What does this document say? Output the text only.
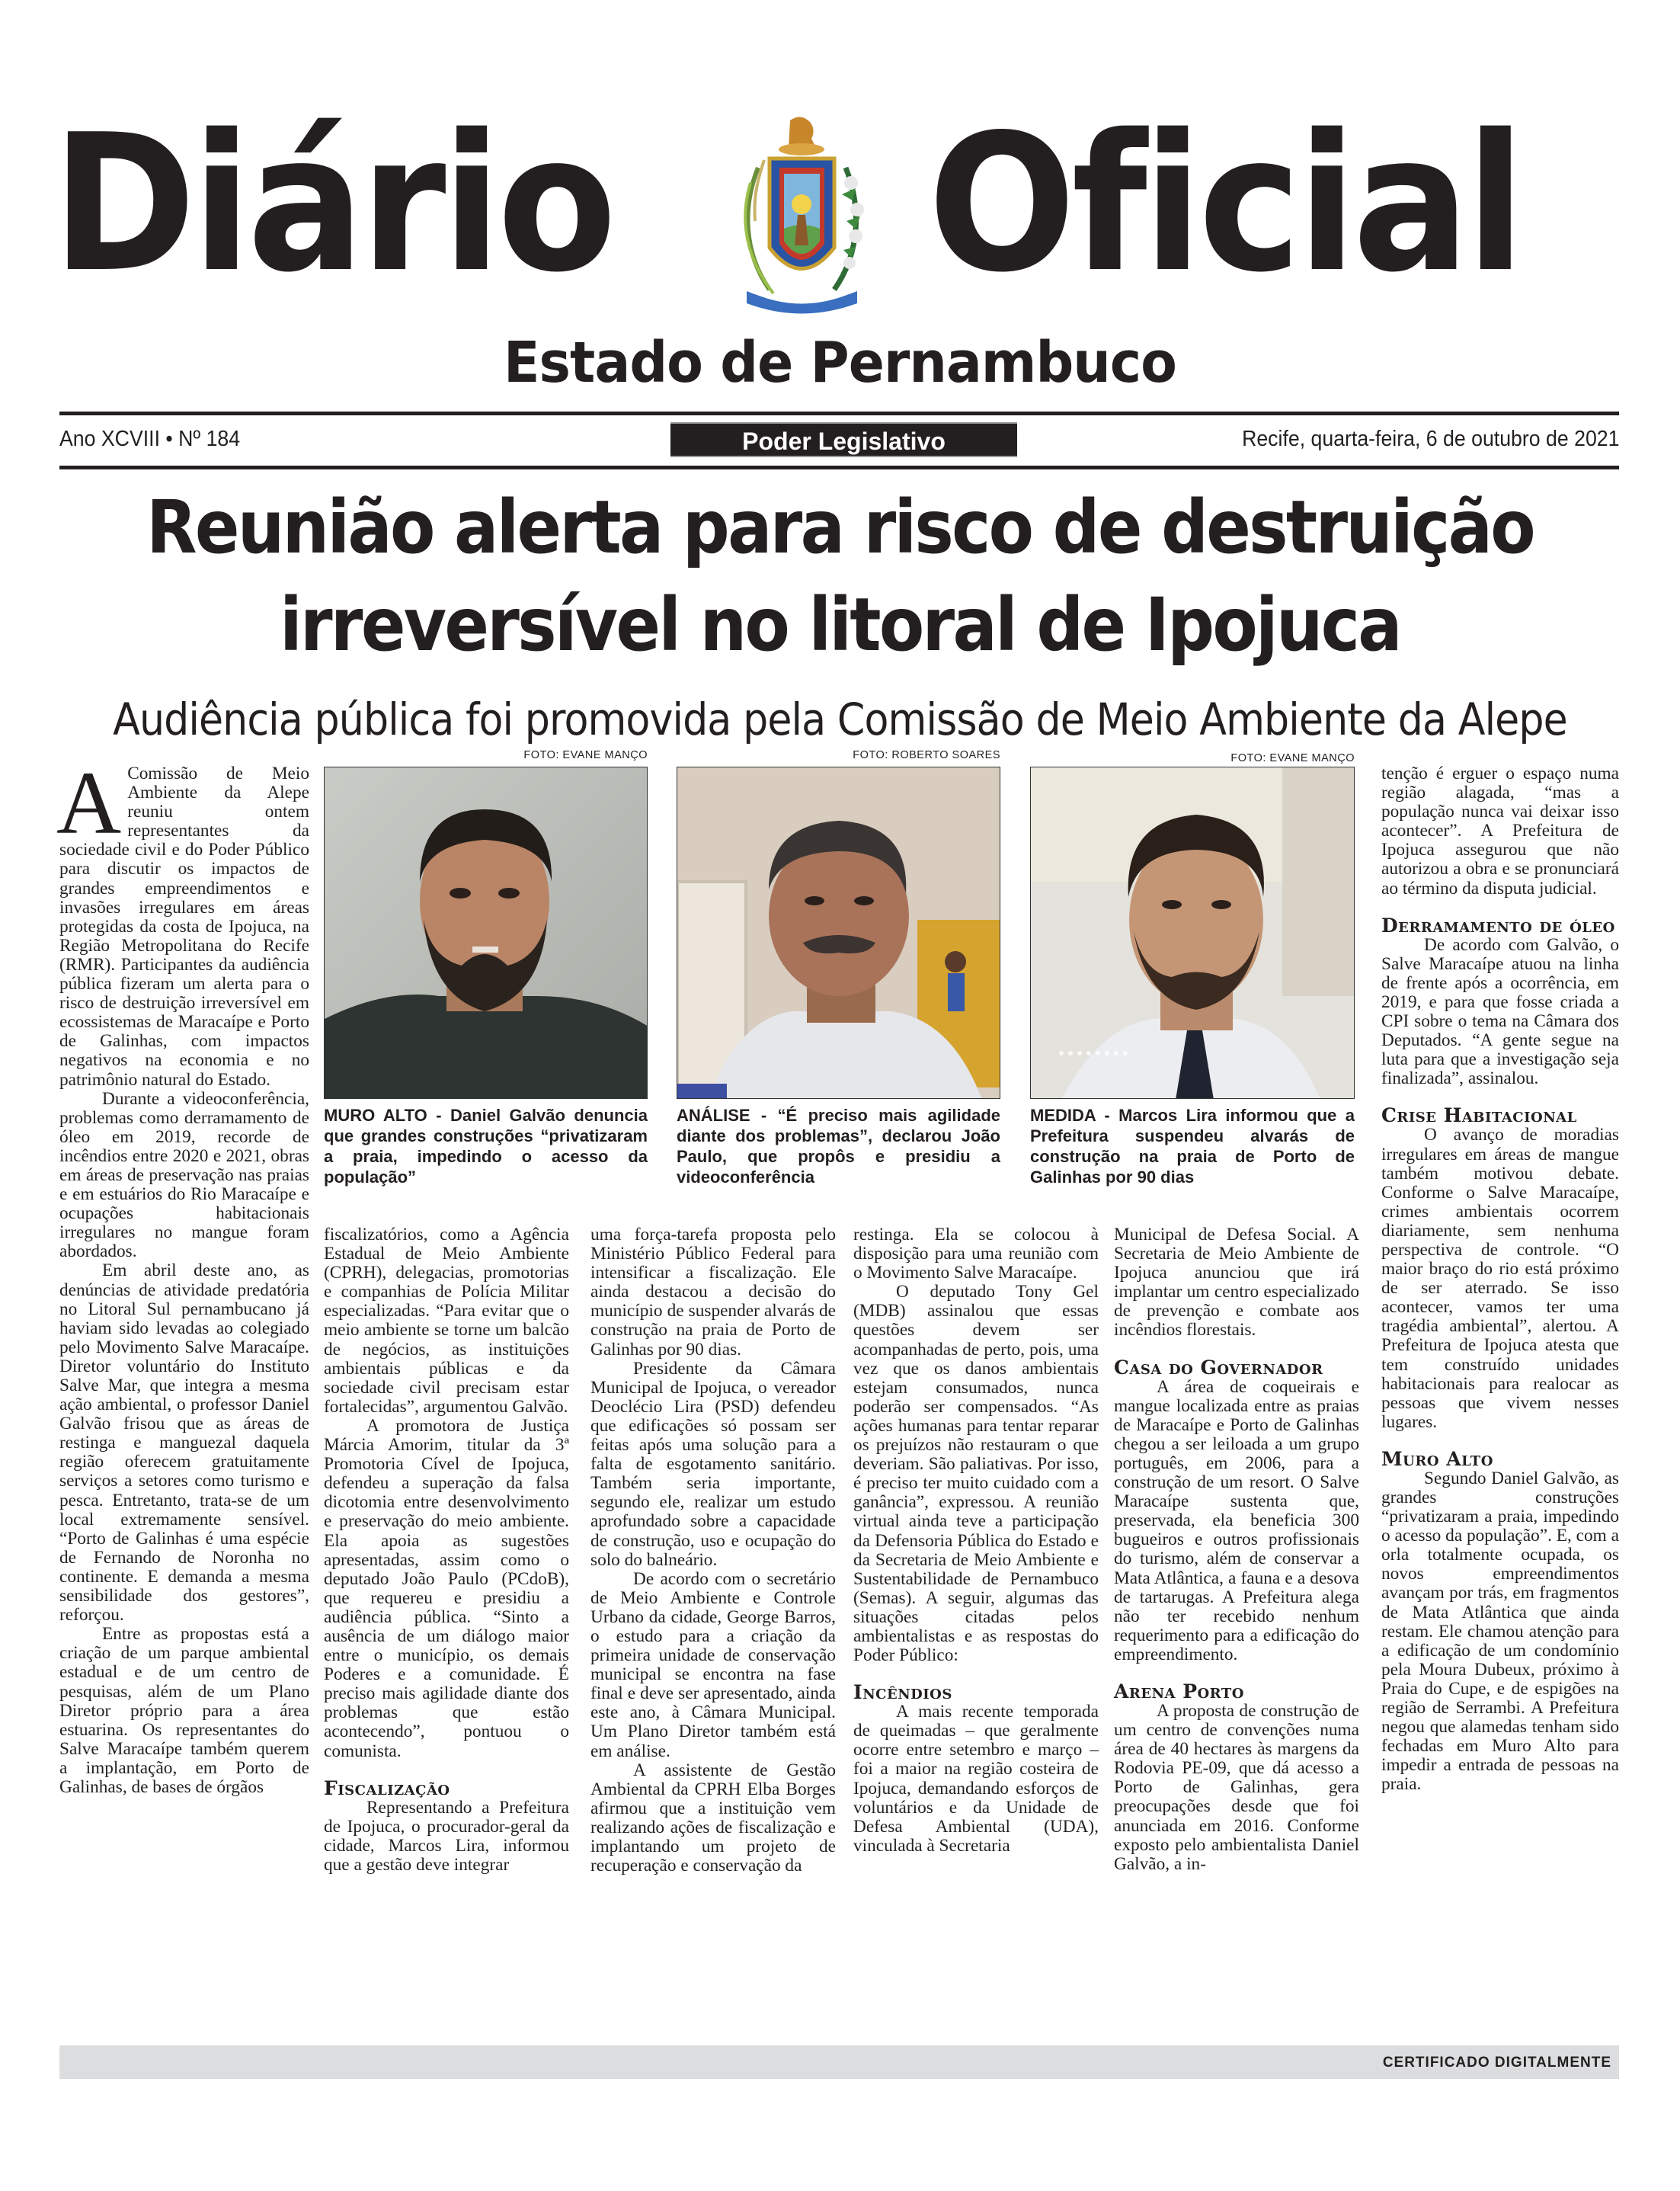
Diário Oficial
Estado de Pernambuco
Ano XCVIII • Nº 184	Poder Legislativo	Recife, quarta-feira, 6 de outubro de 2021
Reunião alerta para risco de destruição
irreversível no litoral de Ipojuca
Audiência pública foi promovida pela Comissão de Meio Ambiente da Alepe

A Comissão de Meio Ambiente da Alepe reuniu ontem representantes da sociedade civil e do Poder Público para discutir os impactos de grandes empreendimentos e invasões irregulares em áreas protegidas da costa de Ipojuca, na Região Metropolitana do Recife (RMR). Participantes da audiência pública fizeram um alerta para o risco de destruição irreversível em ecossistemas de Maracaípe e Porto de Galinhas, com impactos negativos na economia e no patrimônio natural do Estado.

Durante a videoconferência, problemas como derramamento de óleo em 2019, recorde de incêndios entre 2020 e 2021, obras em áreas de preservação nas praias e em estuários do Rio Maracaípe e ocupações habitacionais irregulares no mangue foram abordados.

Em abril deste ano, as denúncias de atividade predatória no Litoral Sul pernambucano já haviam sido levadas ao colegiado pelo Movimento Salve Maracaípe. Diretor voluntário do Instituto Salve Mar, que integra a mesma ação ambiental, o professor Daniel Galvão frisou que as áreas de restinga e manguezal daquela região oferecem gratuitamente serviços a setores como turismo e pesca. Entretanto, trata-se de um local extremamente sensível. “Porto de Galinhas é uma espécie de Fernando de Noronha no continente. E demanda a mesma sensibilidade dos gestores”, reforçou.

Entre as propostas está a criação de um parque ambiental estadual e de um centro de pesquisas, além de um Plano Diretor próprio para a área estuarina. Os representantes do Salve Maracaípe também querem a implantação, em Porto de Galinhas, de bases de órgãos

FOTO: EVANE MANÇO	FOTO: ROBERTO SOARES	FOTO: EVANE MANÇO
MURO ALTO - Daniel Galvão denuncia que grandes construções “privatizaram a praia, impedindo o acesso da população”
ANÁLISE - “É preciso mais agilidade diante dos problemas”, declarou João Paulo, que propôs e presidiu a videoconferência
MEDIDA - Marcos Lira informou que a Prefeitura suspendeu alvarás de construção na praia de Porto de Galinhas por 90 dias

fiscalizatórios, como a Agência Estadual de Meio Ambiente (CPRH), delegacias, promotorias e companhias de Polícia Militar especializadas. “Para evitar que o meio ambiente se torne um balcão de negócios, as instituições ambientais públicas e da sociedade civil precisam estar fortalecidas”, argumentou Galvão.

A promotora de Justiça Márcia Amorim, titular da 3ª Promotoria Cível de Ipojuca, defendeu a superação da falsa dicotomia entre desenvolvimento e preservação do meio ambiente. Ela apoia as sugestões apresentadas, assim como o deputado João Paulo (PCdoB), que requereu e presidiu a audiência pública. “Sinto a ausência de um diálogo maior entre o município, os demais Poderes e a comunidade. É preciso mais agilidade diante dos problemas que estão acontecendo”, pontuou o comunista.

Fiscalização

Representando a Prefeitura de Ipojuca, o procurador-geral da cidade, Marcos Lira, informou que a gestão deve integrar

uma força-tarefa proposta pelo Ministério Público Federal para intensificar a fiscalização. Ele ainda destacou a decisão do município de suspender alvarás de construção na praia de Porto de Galinhas por 90 dias.

Presidente da Câmara Municipal de Ipojuca, o vereador Deoclécio Lira (PSD) defendeu que edificações só possam ser feitas após uma solução para a falta de esgotamento sanitário. Também seria importante, segundo ele, realizar um estudo aprofundado sobre a capacidade de construção, uso e ocupação do solo do balneário.

De acordo com o secretário de Meio Ambiente e Controle Urbano da cidade, George Barros, o estudo para a criação da primeira unidade de conservação municipal se encontra na fase final e deve ser apresentado, ainda este ano, à Câmara Municipal. Um Plano Diretor também está em análise.

A assistente de Gestão Ambiental da CPRH Elba Borges afirmou que a instituição vem realizando ações de fiscalização e implantando um projeto de recuperação e conservação da

restinga. Ela se colocou à disposição para uma reunião com o Movimento Salve Maracaípe.

O deputado Tony Gel (MDB) assinalou que essas questões devem ser acompanhadas de perto, pois, uma vez que os danos ambientais estejam consumados, nunca poderão ser compensados. “As ações humanas para tentar reparar os prejuízos não restauram o que deveriam. São paliativas. Por isso, é preciso ter muito cuidado com a ganância”, expressou. A reunião virtual ainda teve a participação da Defensoria Pública do Estado e da Secretaria de Meio Ambiente e Sustentabilidade de Pernambuco (Semas). A seguir, algumas das situações citadas pelos ambientalistas e as respostas do Poder Público:

Incêndios

A mais recente temporada de queimadas – que geralmente ocorre entre setembro e março – foi a maior na região costeira de Ipojuca, demandando esforços de voluntários e da Unidade de Defesa Ambiental (UDA), vinculada à Secretaria

Municipal de Defesa Social. A Secretaria de Meio Ambiente de Ipojuca anunciou que irá implantar um centro especializado de prevenção e combate aos incêndios florestais.

Casa do Governador

A área de coqueirais e mangue localizada entre as praias de Maracaípe e Porto de Galinhas chegou a ser leiloada a um grupo português, em 2006, para a construção de um resort. O Salve Maracaípe sustenta que, preservada, ela beneficia 300 bugueiros e outros profissionais do turismo, além de conservar a Mata Atlântica, a fauna e a desova de tartarugas. A Prefeitura alega não ter recebido nenhum requerimento para a edificação do empreendimento.

Arena Porto

A proposta de construção de um centro de convenções numa área de 40 hectares às margens da Rodovia PE-09, que dá acesso a Porto de Galinhas, gera preocupações desde que foi anunciada em 2016. Conforme exposto pelo ambientalista Daniel Galvão, a in-

tenção é erguer o espaço numa região alagada, “mas a população nunca vai deixar isso acontecer”. A Prefeitura de Ipojuca assegurou que não autorizou a obra e se pronunciará ao término da disputa judicial.

Derramamento de óleo

De acordo com Galvão, o Salve Maracaípe atuou na linha de frente após a ocorrência, em 2019, e para que fosse criada a CPI sobre o tema na Câmara dos Deputados. “A gente segue na luta para que a investigação seja finalizada”, assinalou.

Crise Habitacional

O avanço de moradias irregulares em áreas de mangue também motivou debate. Conforme o Salve Maracaípe, crimes ambientais ocorrem diariamente, sem nenhuma perspectiva de controle. “O maior braço do rio está próximo de ser aterrado. Se isso acontecer, vamos ter uma tragédia ambiental”, alertou. A Prefeitura de Ipojuca atesta que tem construído unidades habitacionais para realocar as pessoas que vivem nesses lugares.

Muro Alto

Segundo Daniel Galvão, as grandes construções “privatizaram a praia, impedindo o acesso da população”. E, com a orla totalmente ocupada, os novos empreendimentos avançam por trás, em fragmentos de Mata Atlântica que ainda restam. Ele chamou atenção para a edificação de um condomínio pela Moura Dubeux, próximo à Praia do Cupe, e de espigões na região de Serrambi. A Prefeitura negou que alamedas tenham sido fechadas em Muro Alto para impedir a entrada de pessoas na praia.

CERTIFICADO DIGITALMENTE
